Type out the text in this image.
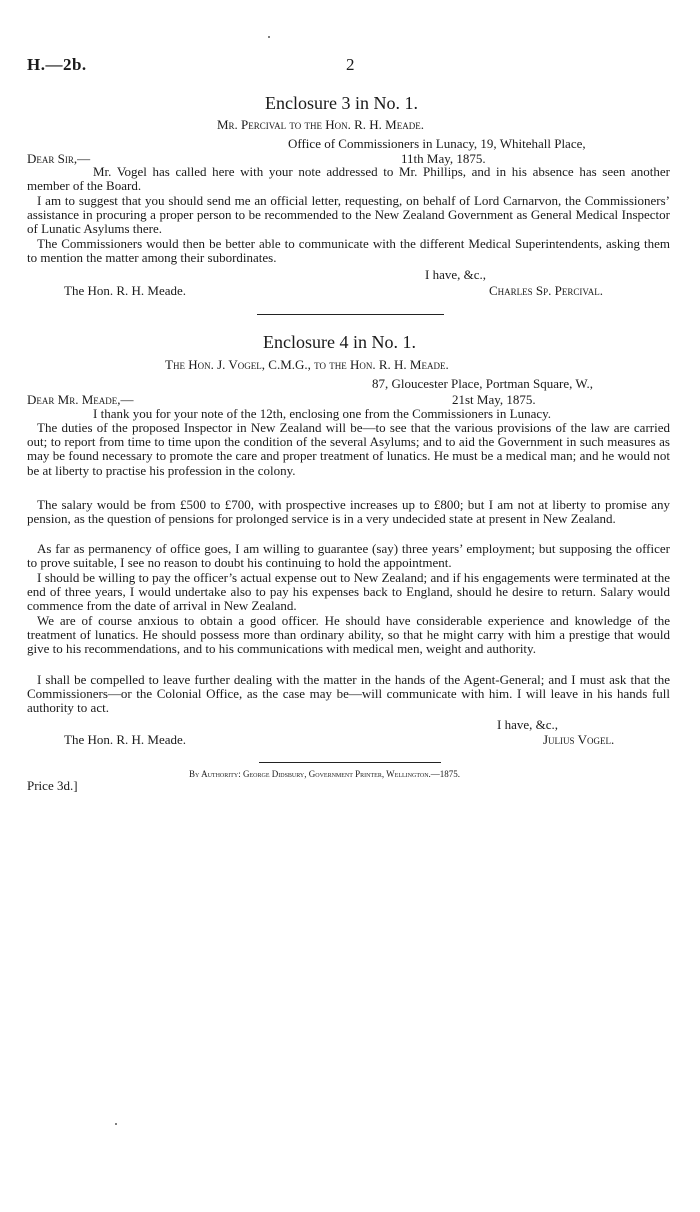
H.—2b.	2
Enclosure 3 in No. 1.
Mr. Percival to the Hon. R. H. Meade.
Office of Commissioners in Lunacy, 19, Whitehall Place,
11th May, 1875.
Dear Sir,—

Mr. Vogel has called here with your note addressed to Mr. Phillips, and in his absence has seen another member of the Board.

I am to suggest that you should send me an official letter, requesting, on behalf of Lord Carnarvon, the Commissioners’ assistance in procuring a proper person to be recommended to the New Zealand Government as General Medical Inspector of Lunatic Asylums there.

The Commissioners would then be better able to communicate with the different Medical Superintendents, asking them to mention the matter among their subordinates.

I have, &c.,
The Hon. R. H. Meade.	Charles Sp. Percival.
Enclosure 4 in No. 1.
The Hon. J. Vogel, C.M.G., to the Hon. R. H. Meade.
87, Gloucester Place, Portman Square, W.,
21st May, 1875.
Dear Mr. Meade,—

I thank you for your note of the 12th, enclosing one from the Commissioners in Lunacy.

The duties of the proposed Inspector in New Zealand will be—to see that the various provisions of the law are carried out; to report from time to time upon the condition of the several Asylums; and to aid the Government in such measures as may be found necessary to promote the care and proper treatment of lunatics. He must be a medical man; and he would not be at liberty to practise his profession in the colony.

The salary would be from £500 to £700, with prospective increases up to £800; but I am not at liberty to promise any pension, as the question of pensions for prolonged service is in a very undecided state at present in New Zealand.

As far as permanency of office goes, I am willing to guarantee (say) three years’ employment; but supposing the officer to prove suitable, I see no reason to doubt his continuing to hold the appointment.

I should be willing to pay the officer’s actual expense out to New Zealand; and if his engagements were terminated at the end of three years, I would undertake also to pay his expenses back to England, should he desire to return. Salary would commence from the date of arrival in New Zealand.

We are of course anxious to obtain a good officer. He should have considerable experience and knowledge of the treatment of lunatics. He should possess more than ordinary ability, so that he might carry with him a prestige that would give to his recommendations, and to his communications with medical men, weight and authority.

I shall be compelled to leave further dealing with the matter in the hands of the Agent-General; and I must ask that the Commissioners—or the Colonial Office, as the case may be—will communicate with him. I will leave in his hands full authority to act.

I have, &c.,
The Hon. R. H. Meade.	Julius Vogel.
By Authority: George Didsbury, Government Printer, Wellington.—1875.
Price 3d.]
